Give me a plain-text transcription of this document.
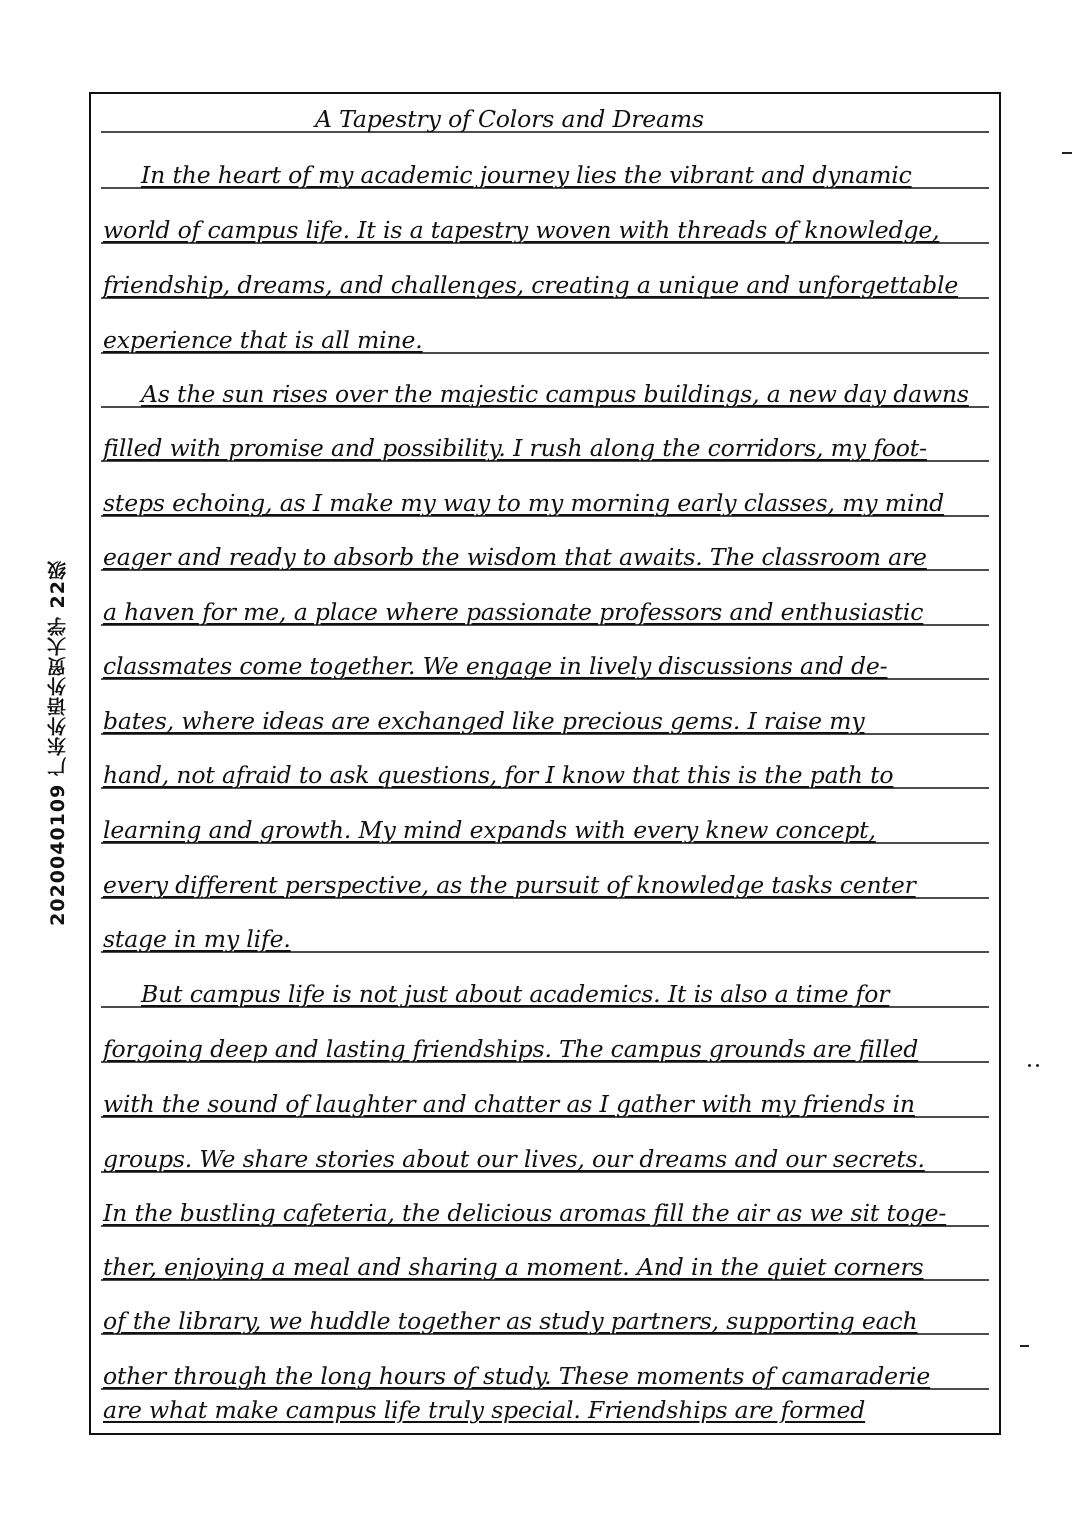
A Tapestry of Colors and Dreams
In the heart of my academic journey lies the vibrant and dynamic
world of campus life. It is a tapestry woven with threads of knowledge,
friendship, dreams, and challenges, creating a unique and unforgettable
experience that is all mine.
As the sun rises over the majestic campus buildings, a new day dawns
filled with promise and possibility. I rush along the corridors, my foot-
steps echoing, as I make my way to my morning early classes, my mind
eager and ready to absorb the wisdom that awaits. The classroom are
a haven for me, a place where passionate professors and enthusiastic
classmates come together. We engage in lively discussions and de-
bates, where ideas are exchanged like precious gems. I raise my
hand, not afraid to ask questions, for I know that this is the path to
learning and growth. My mind expands with every knew concept,
every different perspective, as the pursuit of knowledge tasks center
stage in my life.
But campus life is not just about academics. It is also a time for
forgoing deep and lasting friendships. The campus grounds are filled
with the sound of laughter and chatter as I gather with my friends in
groups. We share stories about our lives, our dreams and our secrets.
In the bustling cafeteria, the delicious aromas fill the air as we sit toge-
ther, enjoying a meal and sharing a moment. And in the quiet corners
of the library, we huddle together as study partners, supporting each
other through the long hours of study. These moments of camaraderie
are what make campus life truly special. Friendships are formed
2020040109 广东外语外贸大学 22级
